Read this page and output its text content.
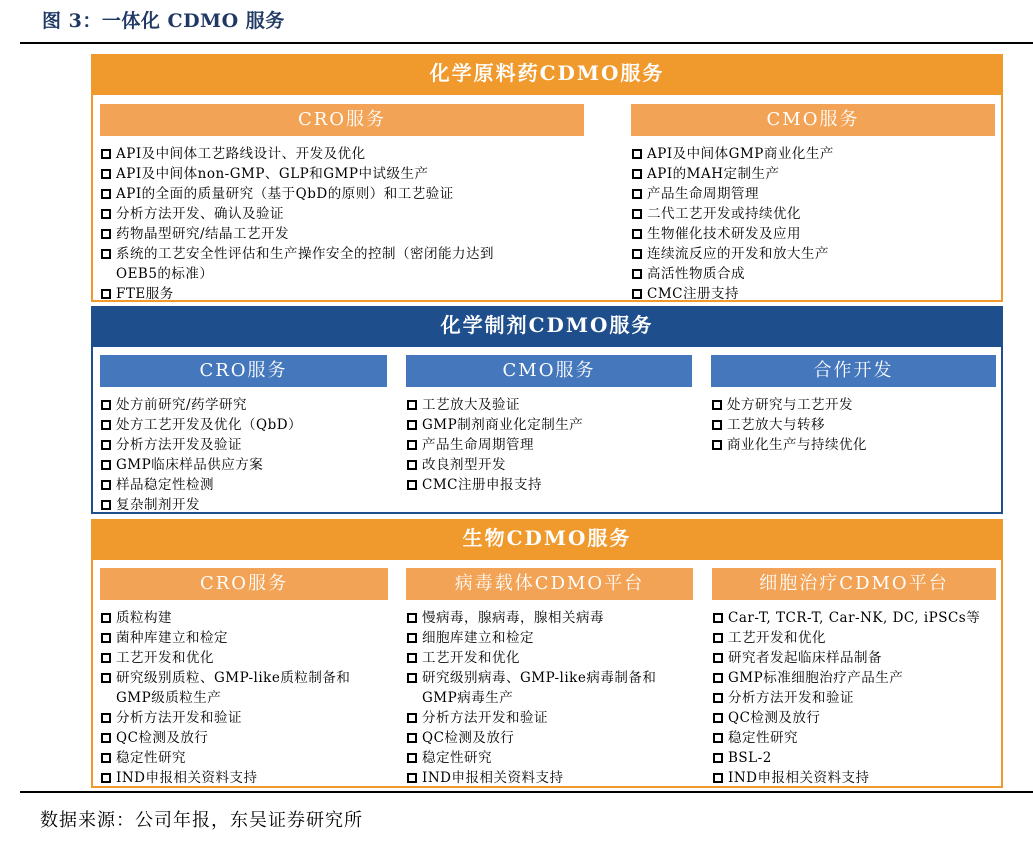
图 3：一体化 CDMO 服务
化学原料药CDMO服务
CRO服务
API及中间体工艺路线设计、开发及优化
API及中间体non-GMP、GLP和GMP中试级生产
API的全面的质量研究（基于QbD的原则）和工艺验证
分析方法开发、确认及验证
药物晶型研究/结晶工艺开发
系统的工艺安全性评估和生产操作安全的控制（密闭能力达到
OEB5的标准）
FTE服务
CMO服务
API及中间体GMP商业化生产
API的MAH定制生产
产品生命周期管理
二代工艺开发或持续优化
生物催化技术研发及应用
连续流反应的开发和放大生产
高活性物质合成
CMC注册支持
化学制剂CDMO服务
CRO服务
处方前研究/药学研究
处方工艺开发及优化（QbD）
分析方法开发及验证
GMP临床样品供应方案
样品稳定性检测
复杂制剂开发
CMO服务
工艺放大及验证
GMP制剂商业化定制生产
产品生命周期管理
改良剂型开发
CMC注册申报支持
合作开发
处方研究与工艺开发
工艺放大与转移
商业化生产与持续优化
生物CDMO服务
CRO服务
质粒构建
菌种库建立和检定
工艺开发和优化
研究级别质粒、GMP-like质粒制备和
GMP级质粒生产
分析方法开发和验证
QC检测及放行
稳定性研究
IND申报相关资料支持
病毒载体CDMO平台
慢病毒，腺病毒，腺相关病毒
细胞库建立和检定
工艺开发和优化
研究级别病毒、GMP-like病毒制备和
GMP病毒生产
分析方法开发和验证
QC检测及放行
稳定性研究
IND申报相关资料支持
细胞治疗CDMO平台
Car-T, TCR-T, Car-NK, DC, iPSCs等
工艺开发和优化
研究者发起临床样品制备
GMP标准细胞治疗产品生产
分析方法开发和验证
QC检测及放行
稳定性研究
BSL-2
IND申报相关资料支持
数据来源：公司年报，东吴证券研究所
